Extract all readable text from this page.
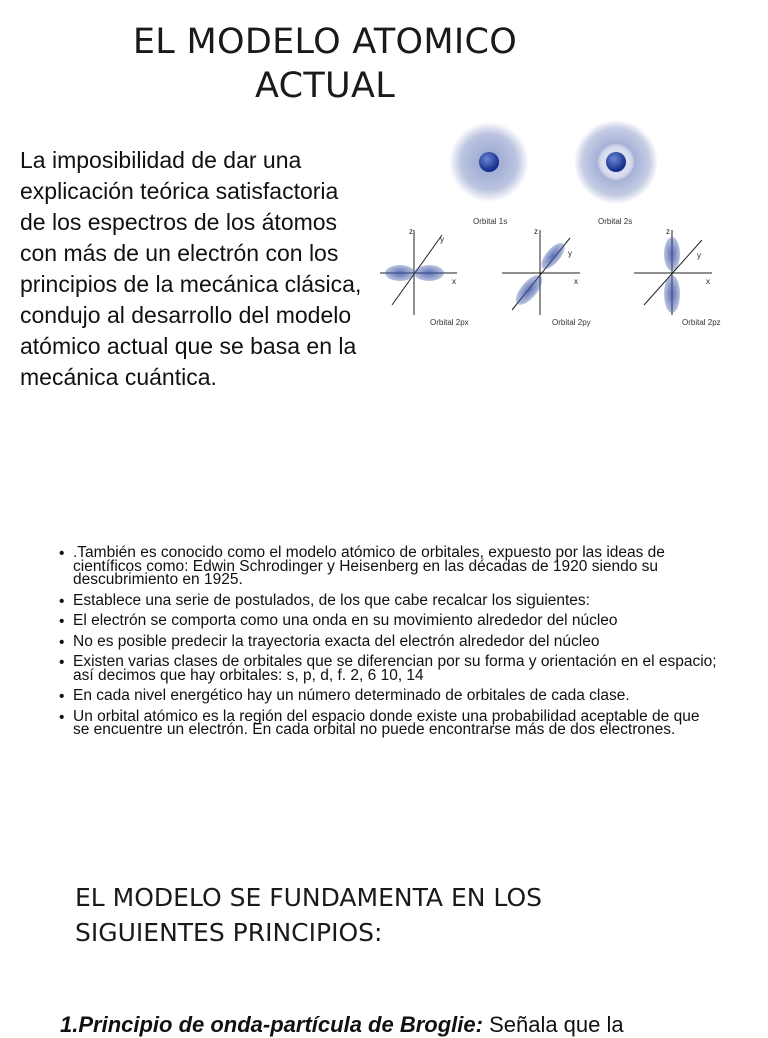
EL MODELO ATOMICO
ACTUAL
La imposibilidad de dar una explicación teórica satisfactoria de los espectros de los átomos con más de un electrón con los principios de la mecánica clásica, condujo al desarrollo del modelo atómico actual que se basa en la mecánica cuántica.
Orbital 1s	Orbital 2s
z
y
x
Orbital 2px
z
y
x
Orbital 2py
z
y
x
Orbital 2pz
• .También es conocido como el modelo atómico de orbitales, expuesto por las ideas de científicos como: Edwin Schrodinger y Heisenberg en las décadas de 1920 siendo su descubrimiento en 1925.
• Establece una serie de postulados, de los que cabe recalcar los siguientes:
• El electrón se comporta como una onda en su movimiento alrededor del núcleo
• No es posible predecir la trayectoria exacta del electrón alrededor del núcleo
• Existen varias clases de orbitales que se diferencian por su forma y orientación en el espacio; así decimos que hay orbitales: s, p, d, f. 2, 6 10, 14
• En cada nivel energético hay un número determinado de orbitales de cada clase.
• Un orbital atómico es la región del espacio donde existe una probabilidad aceptable de que se encuentre un electrón. En cada orbital no puede encontrarse más de dos electrones.
EL MODELO SE FUNDAMENTA EN LOS
SIGUIENTES PRINCIPIOS:
1.Principio de onda-partícula de Broglie: Señala que la
